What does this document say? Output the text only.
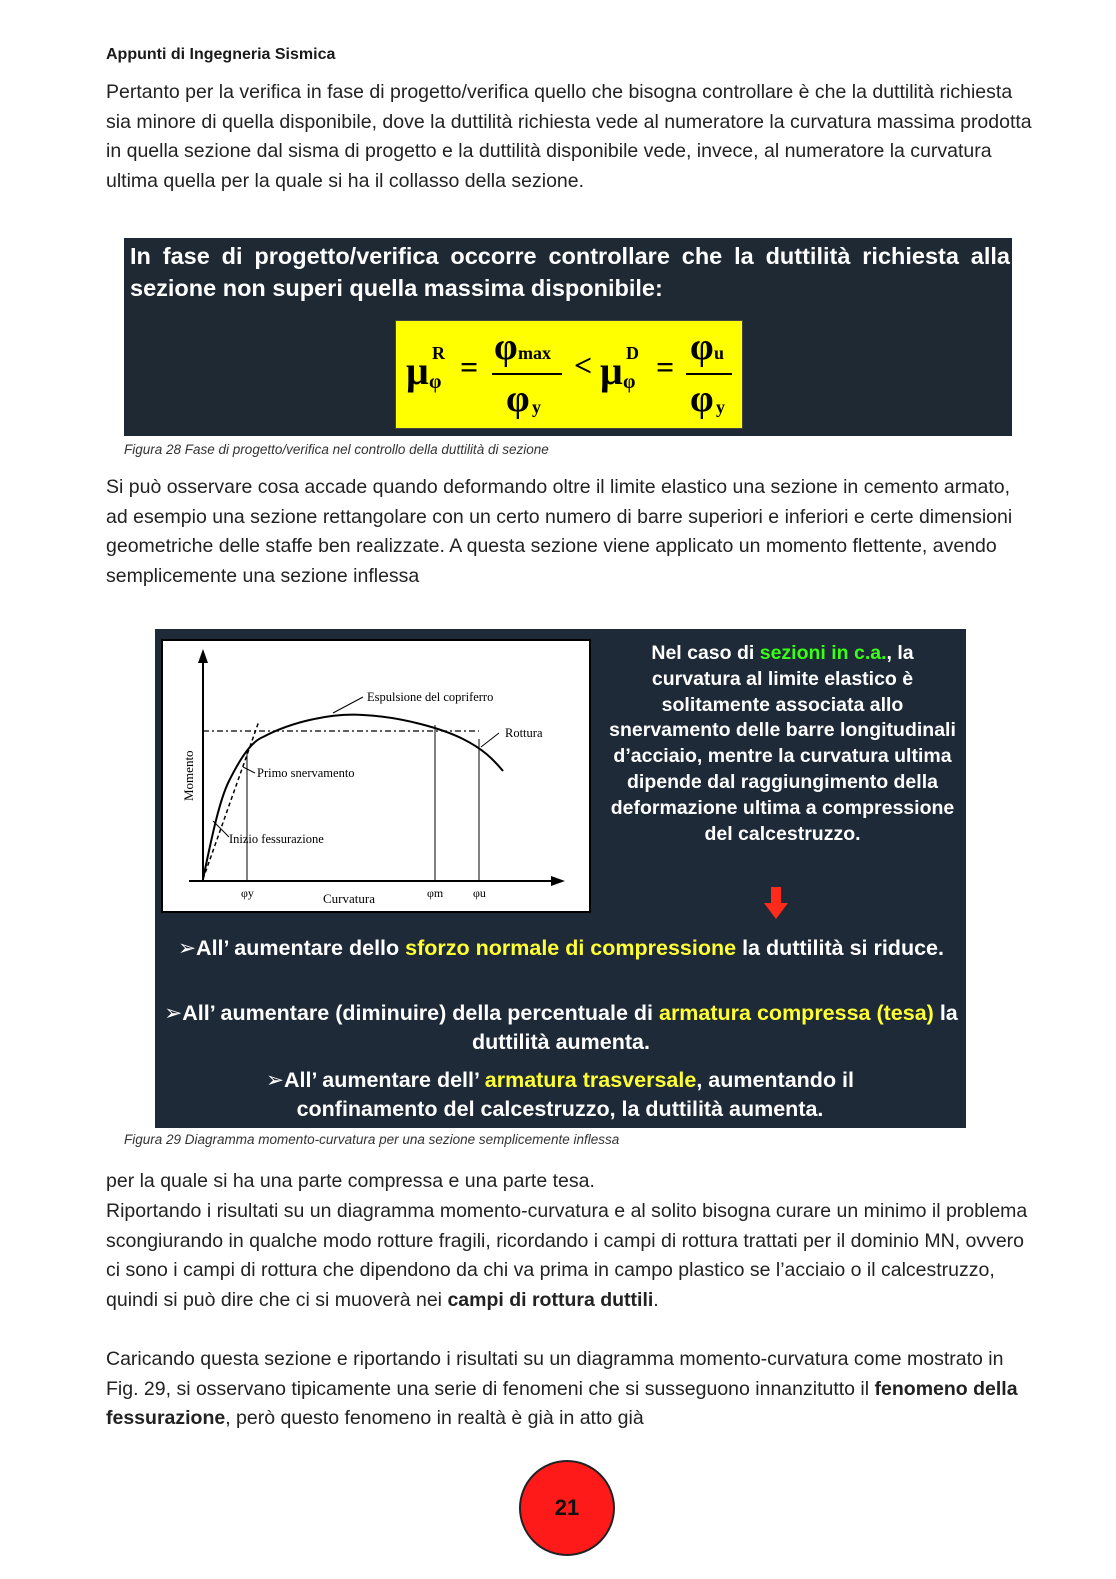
Appunti di Ingegneria Sismica

Pertanto per la verifica in fase di progetto/verifica quello che bisogna controllare è che la duttilità richiesta sia minore di quella disponibile, dove la duttilità richiesta vede al numeratore la curvatura massima prodotta in quella sezione dal sisma di progetto e la duttilità disponibile vede, invece, al numeratore la curvatura ultima quella per la quale si ha il collasso della sezione.

In fase di progetto/verifica occorre controllare che la duttilità richiesta alla sezione non superi quella massima disponibile:
μ R
φ = φ max
φ y
< μ D
φ = φ u
φ y
Figura 28 Fase di progetto/verifica nel controllo della duttilità di sezione

Si può osservare cosa accade quando deformando oltre il limite elastico una sezione in cemento armato, ad esempio una sezione rettangolare con un certo numero di barre superiori e inferiori e certe dimensioni geometriche delle staffe ben realizzate. A questa sezione viene applicato un momento flettente, avendo semplicemente una sezione inflessa

Momento
Curvatura
Espulsione del copriferro
Rottura
Primo snervamento
Inizio fessurazione
φy	φm φu
Nel caso di sezioni in c.a., la curvatura al limite elastico è solitamente associata allo snervamento delle barre longitudinali d’acciaio, mentre la curvatura ultima dipende dal raggiungimento della deformazione ultima a compressione del calcestruzzo.
➢All’ aumentare dello sforzo normale di compressione la duttilità si riduce.
➢All’ aumentare (diminuire) della percentuale di armatura compressa (tesa) la duttilità aumenta.
➢All’ aumentare dell’ armatura trasversale, aumentando il confinamento del calcestruzzo, la duttilità aumenta.
Figura 29 Diagramma momento-curvatura per una sezione semplicemente inflessa

per la quale si ha una parte compressa e una parte tesa.

Riportando i risultati su un diagramma momento-curvatura e al solito bisogna curare un minimo il problema scongiurando in qualche modo rotture fragili, ricordando i campi di rottura trattati per il dominio MN, ovvero ci sono i campi di rottura che dipendono da chi va prima in campo plastico se l’acciaio o il calcestruzzo, quindi si può dire che ci si muoverà nei campi di rottura duttili.

Caricando questa sezione e riportando i risultati su un diagramma momento-curvatura come mostrato in Fig. 29, si osservano tipicamente una serie di fenomeni che si susseguono innanzitutto il fenomeno della fessurazione, però questo fenomeno in realtà è già in atto già

21
